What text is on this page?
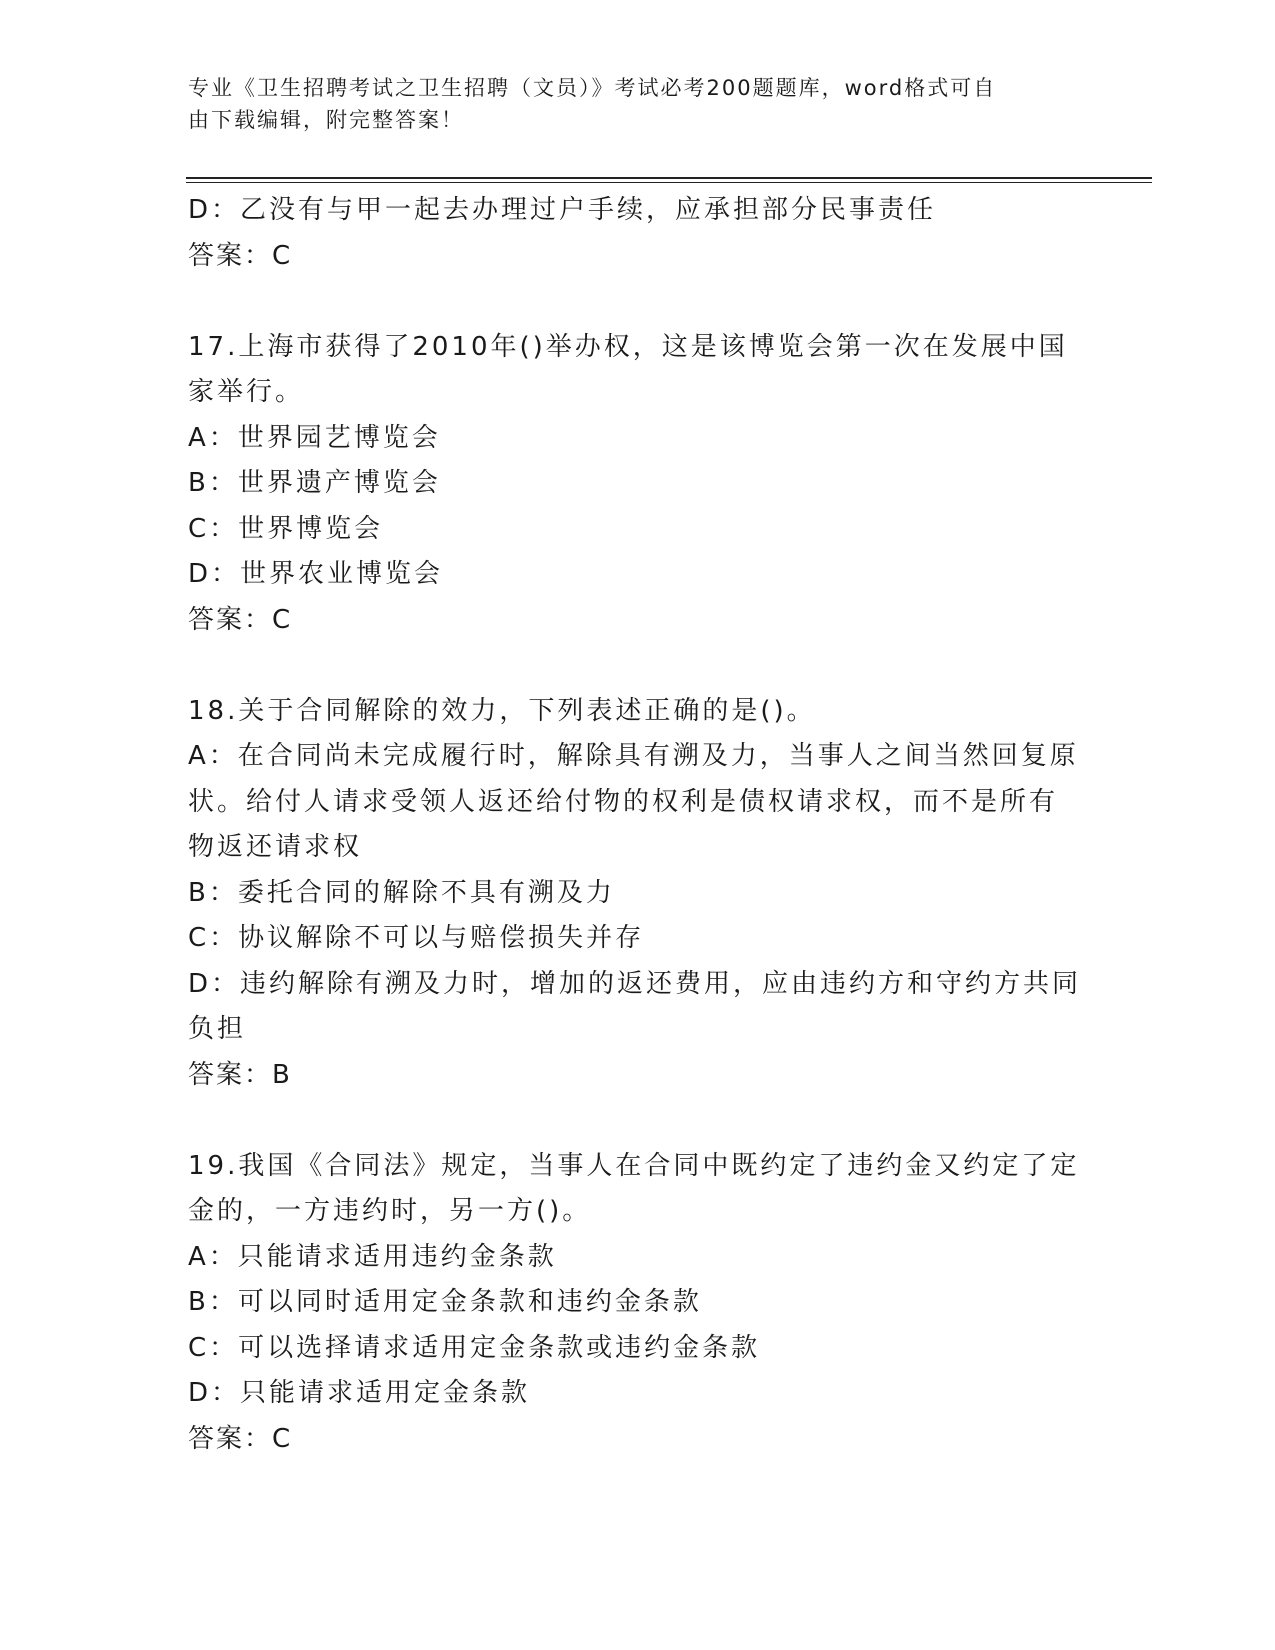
专业《卫生招聘考试之卫生招聘（文员）》考试必考200题题库，word格式可自
由下载编辑，附完整答案！

D：乙没有与甲一起去办理过户手续，应承担部分民事责任

答案：C

17.上海市获得了2010年()举办权，这是该博览会第一次在发展中国

家举行。

A：世界园艺博览会

B：世界遗产博览会

C：世界博览会

D：世界农业博览会

答案：C

18.关于合同解除的效力，下列表述正确的是()。

A：在合同尚未完成履行时，解除具有溯及力，当事人之间当然回复原

状。给付人请求受领人返还给付物的权利是债权请求权，而不是所有

物返还请求权

B：委托合同的解除不具有溯及力

C：协议解除不可以与赔偿损失并存

D：违约解除有溯及力时，增加的返还费用，应由违约方和守约方共同

负担

答案：B

19.我国《合同法》规定，当事人在合同中既约定了违约金又约定了定

金的，一方违约时，另一方()。

A：只能请求适用违约金条款

B：可以同时适用定金条款和违约金条款

C：可以选择请求适用定金条款或违约金条款

D：只能请求适用定金条款

答案：C
